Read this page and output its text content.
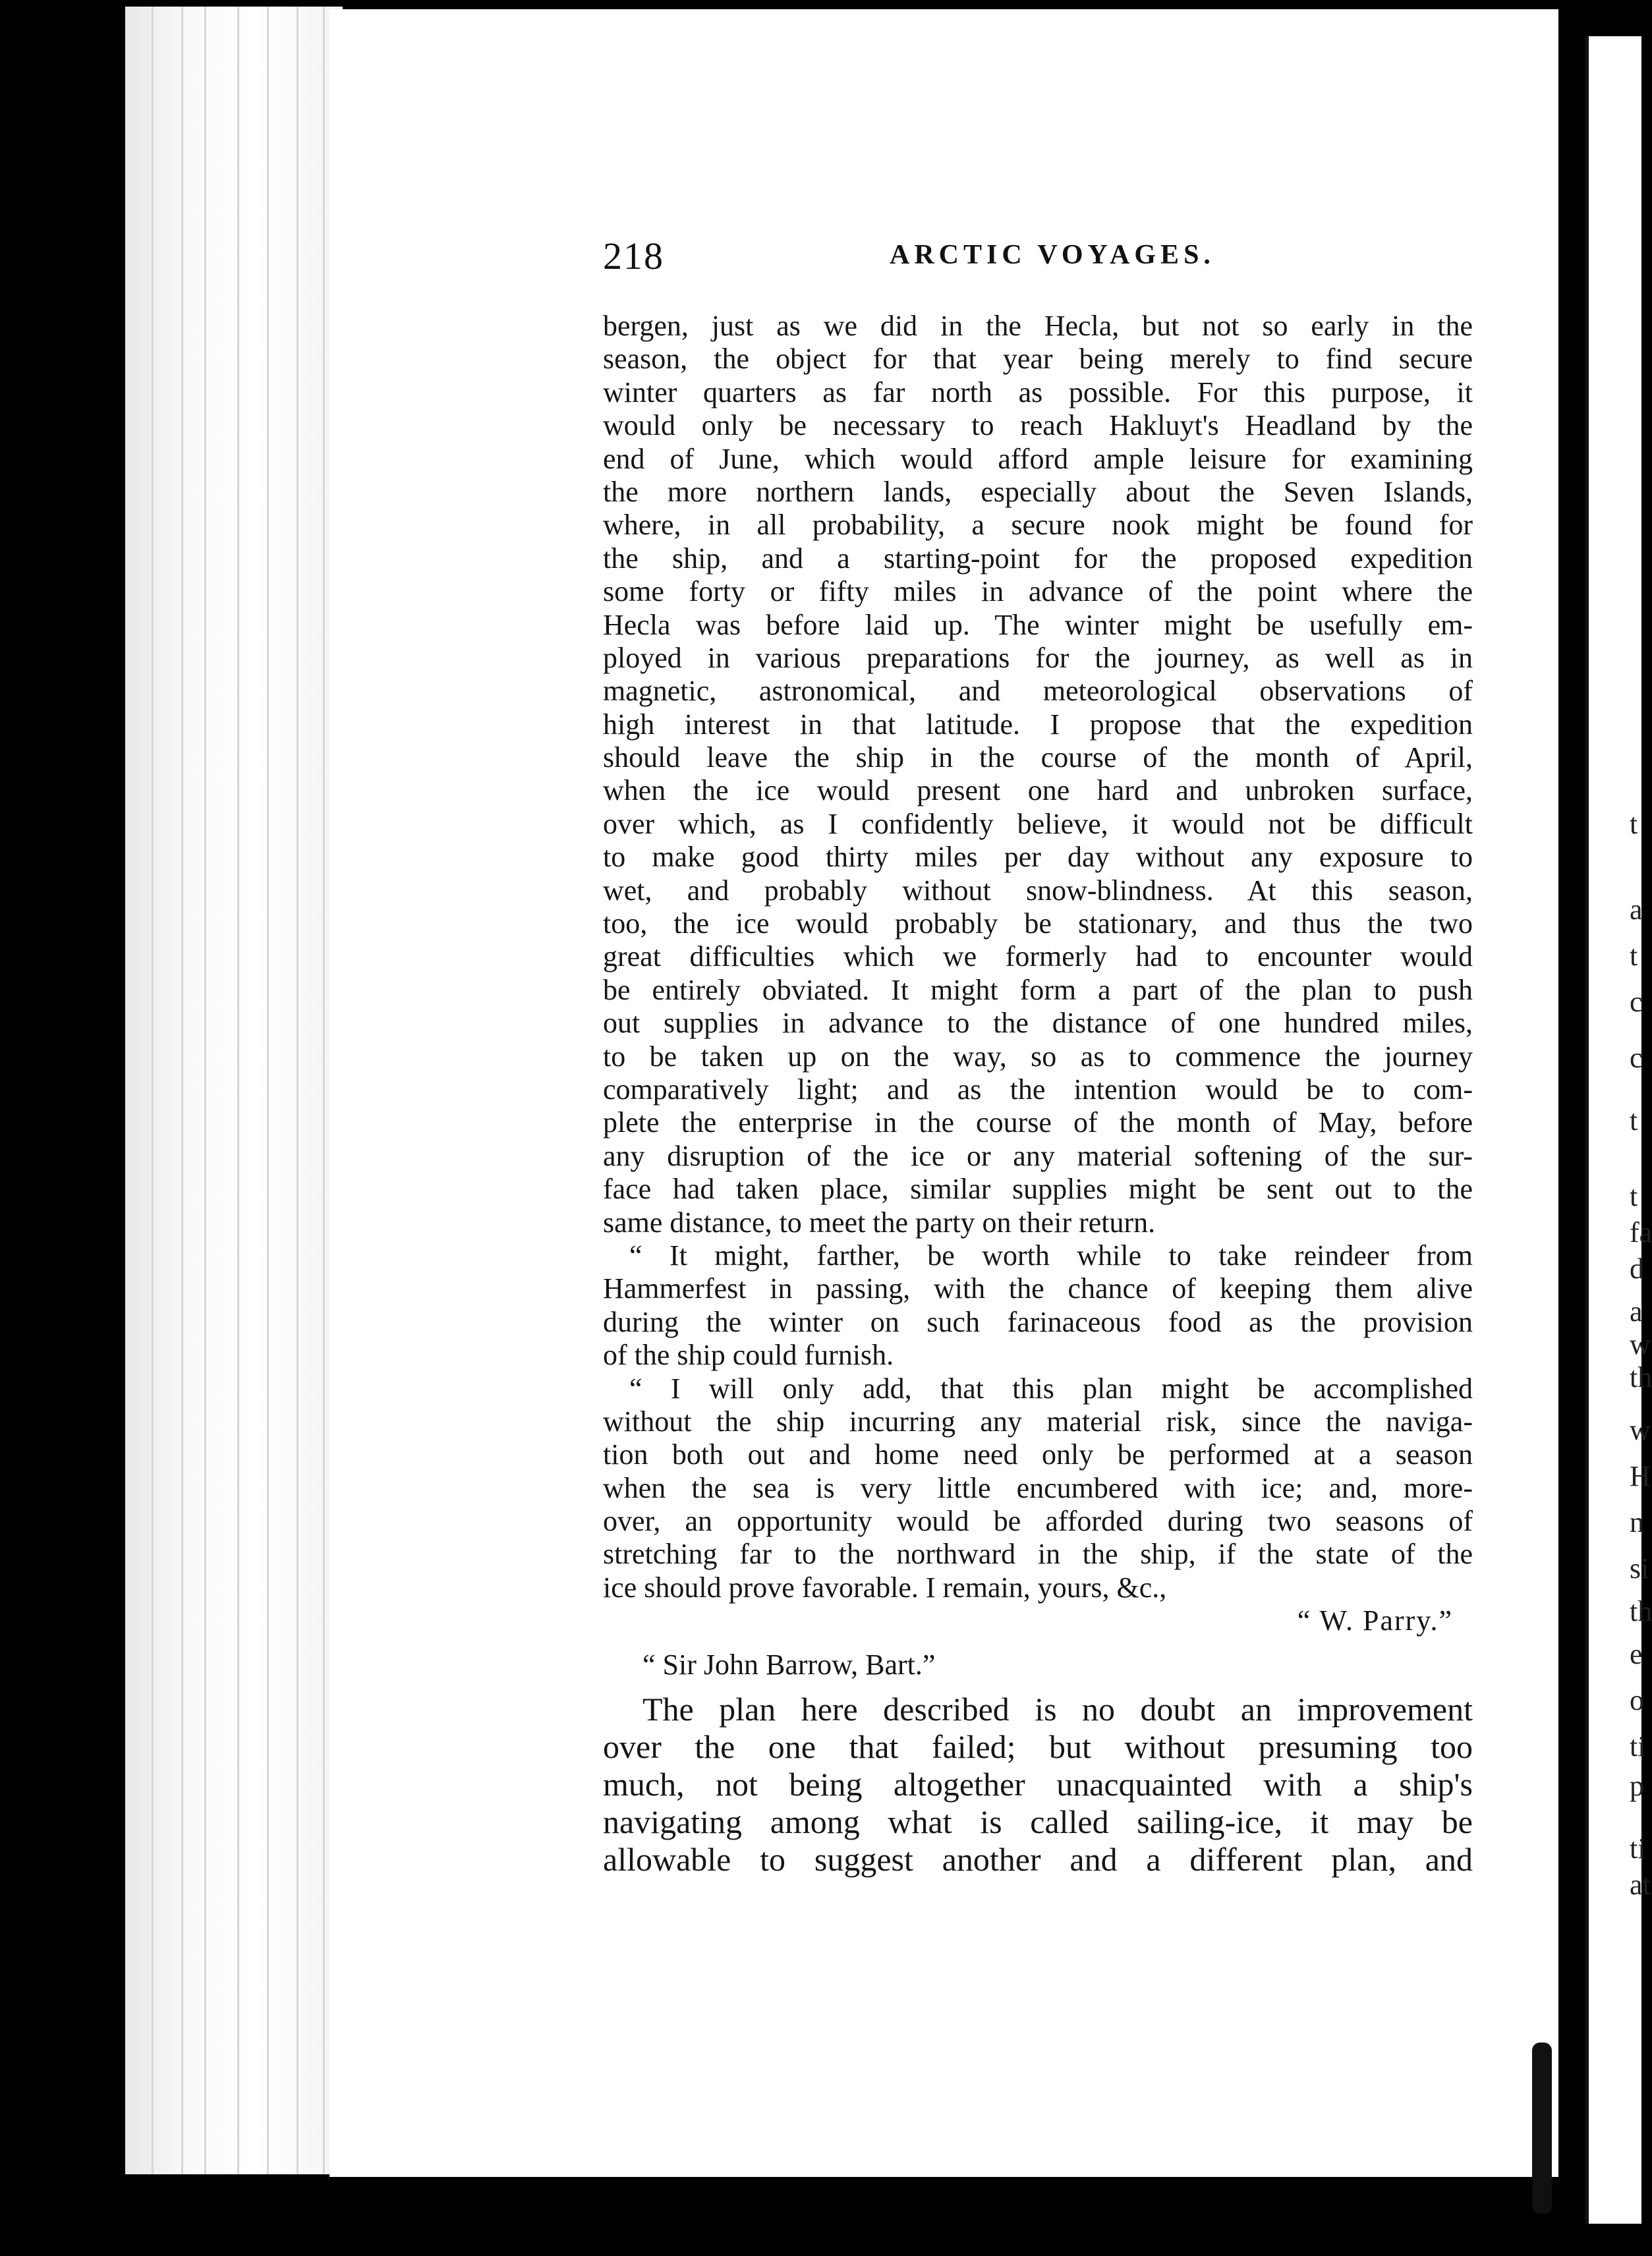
t
a
t
c
c
t
t
fa
d
a
w
th
w
H
n
si
th
e
o
ti
p
ti
at
218	ARCTIC VOYAGES.
bergen, just as we did in the Hecla, but not so early in the
season, the object for that year being merely to find secure
winter quarters as far north as possible. For this purpose, it
would only be necessary to reach Hakluyt's Headland by the
end of June, which would afford ample leisure for examining
the more northern lands, especially about the Seven Islands,
where, in all probability, a secure nook might be found for
the ship, and a starting-point for the proposed expedition
some forty or fifty miles in advance of the point where the
Hecla was before laid up. The winter might be usefully em-
ployed in various preparations for the journey, as well as in
magnetic, astronomical, and meteorological observations of
high interest in that latitude. I propose that the expedition
should leave the ship in the course of the month of April,
when the ice would present one hard and unbroken surface,
over which, as I confidently believe, it would not be difficult
to make good thirty miles per day without any exposure to
wet, and probably without snow-blindness. At this season,
too, the ice would probably be stationary, and thus the two
great difficulties which we formerly had to encounter would
be entirely obviated. It might form a part of the plan to push
out supplies in advance to the distance of one hundred miles,
to be taken up on the way, so as to commence the journey
comparatively light; and as the intention would be to com-
plete the enterprise in the course of the month of May, before
any disruption of the ice or any material softening of the sur-
face had taken place, similar supplies might be sent out to the
same distance, to meet the party on their return.
“ It might, farther, be worth while to take reindeer from
Hammerfest in passing, with the chance of keeping them alive
during the winter on such farinaceous food as the provision
of the ship could furnish.
“ I will only add, that this plan might be accomplished
without the ship incurring any material risk, since the naviga-
tion both out and home need only be performed at a season
when the sea is very little encumbered with ice; and, more-
over, an opportunity would be afforded during two seasons of
stretching far to the northward in the ship, if the state of the
ice should prove favorable. I remain, yours, &c.,
“ W. Parry.”
“ Sir John Barrow, Bart.”
The plan here described is no doubt an improvement
over the one that failed; but without presuming too
much, not being altogether unacquainted with a ship's
navigating among what is called sailing-ice, it may be
allowable to suggest another and a different plan, and
